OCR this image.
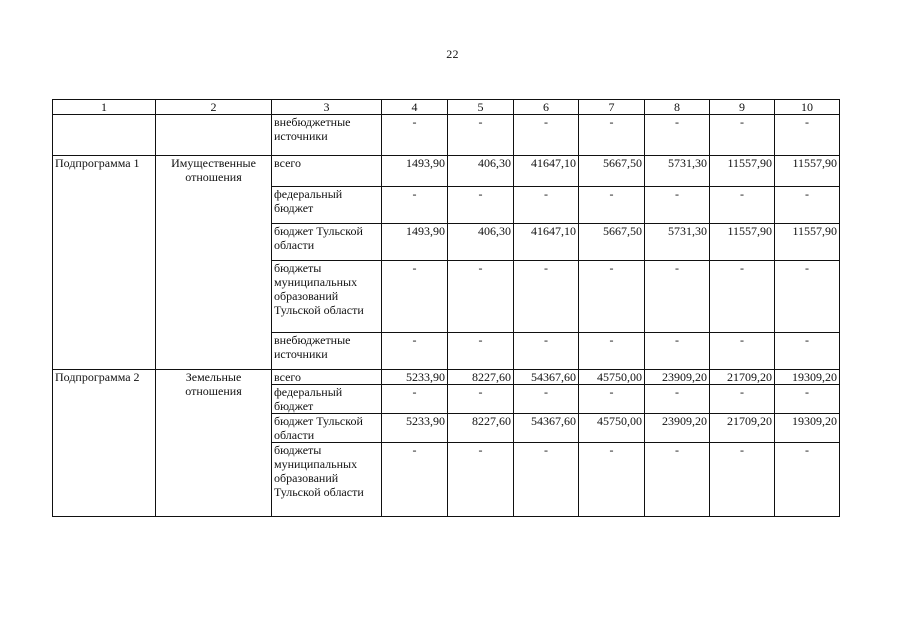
22
1	2	3	4	5	6	7	8	9	10
		внебюджетные источники	-	-	-	-	-	-	-
Подпрограмма 1	Имущественные отношения	всего	1493,90	406,30	41647,10	5667,50	5731,30	11557,90	11557,90
		федеральный бюджет	-	-	-	-	-	-	-
		бюджет Тульской области	1493,90	406,30	41647,10	5667,50	5731,30	11557,90	11557,90
		бюджеты муниципальных образований Тульской области	-	-	-	-	-	-	-
		внебюджетные источники	-	-	-	-	-	-	-
Подпрограмма 2	Земельные отношения	всего	5233,90	8227,60	54367,60	45750,00	23909,20	21709,20	19309,20
		федеральный бюджет	-	-	-	-	-	-	-
		бюджет Тульской области	5233,90	8227,60	54367,60	45750,00	23909,20	21709,20	19309,20
		бюджеты муниципальных образований Тульской области	-	-	-	-	-	-	-
